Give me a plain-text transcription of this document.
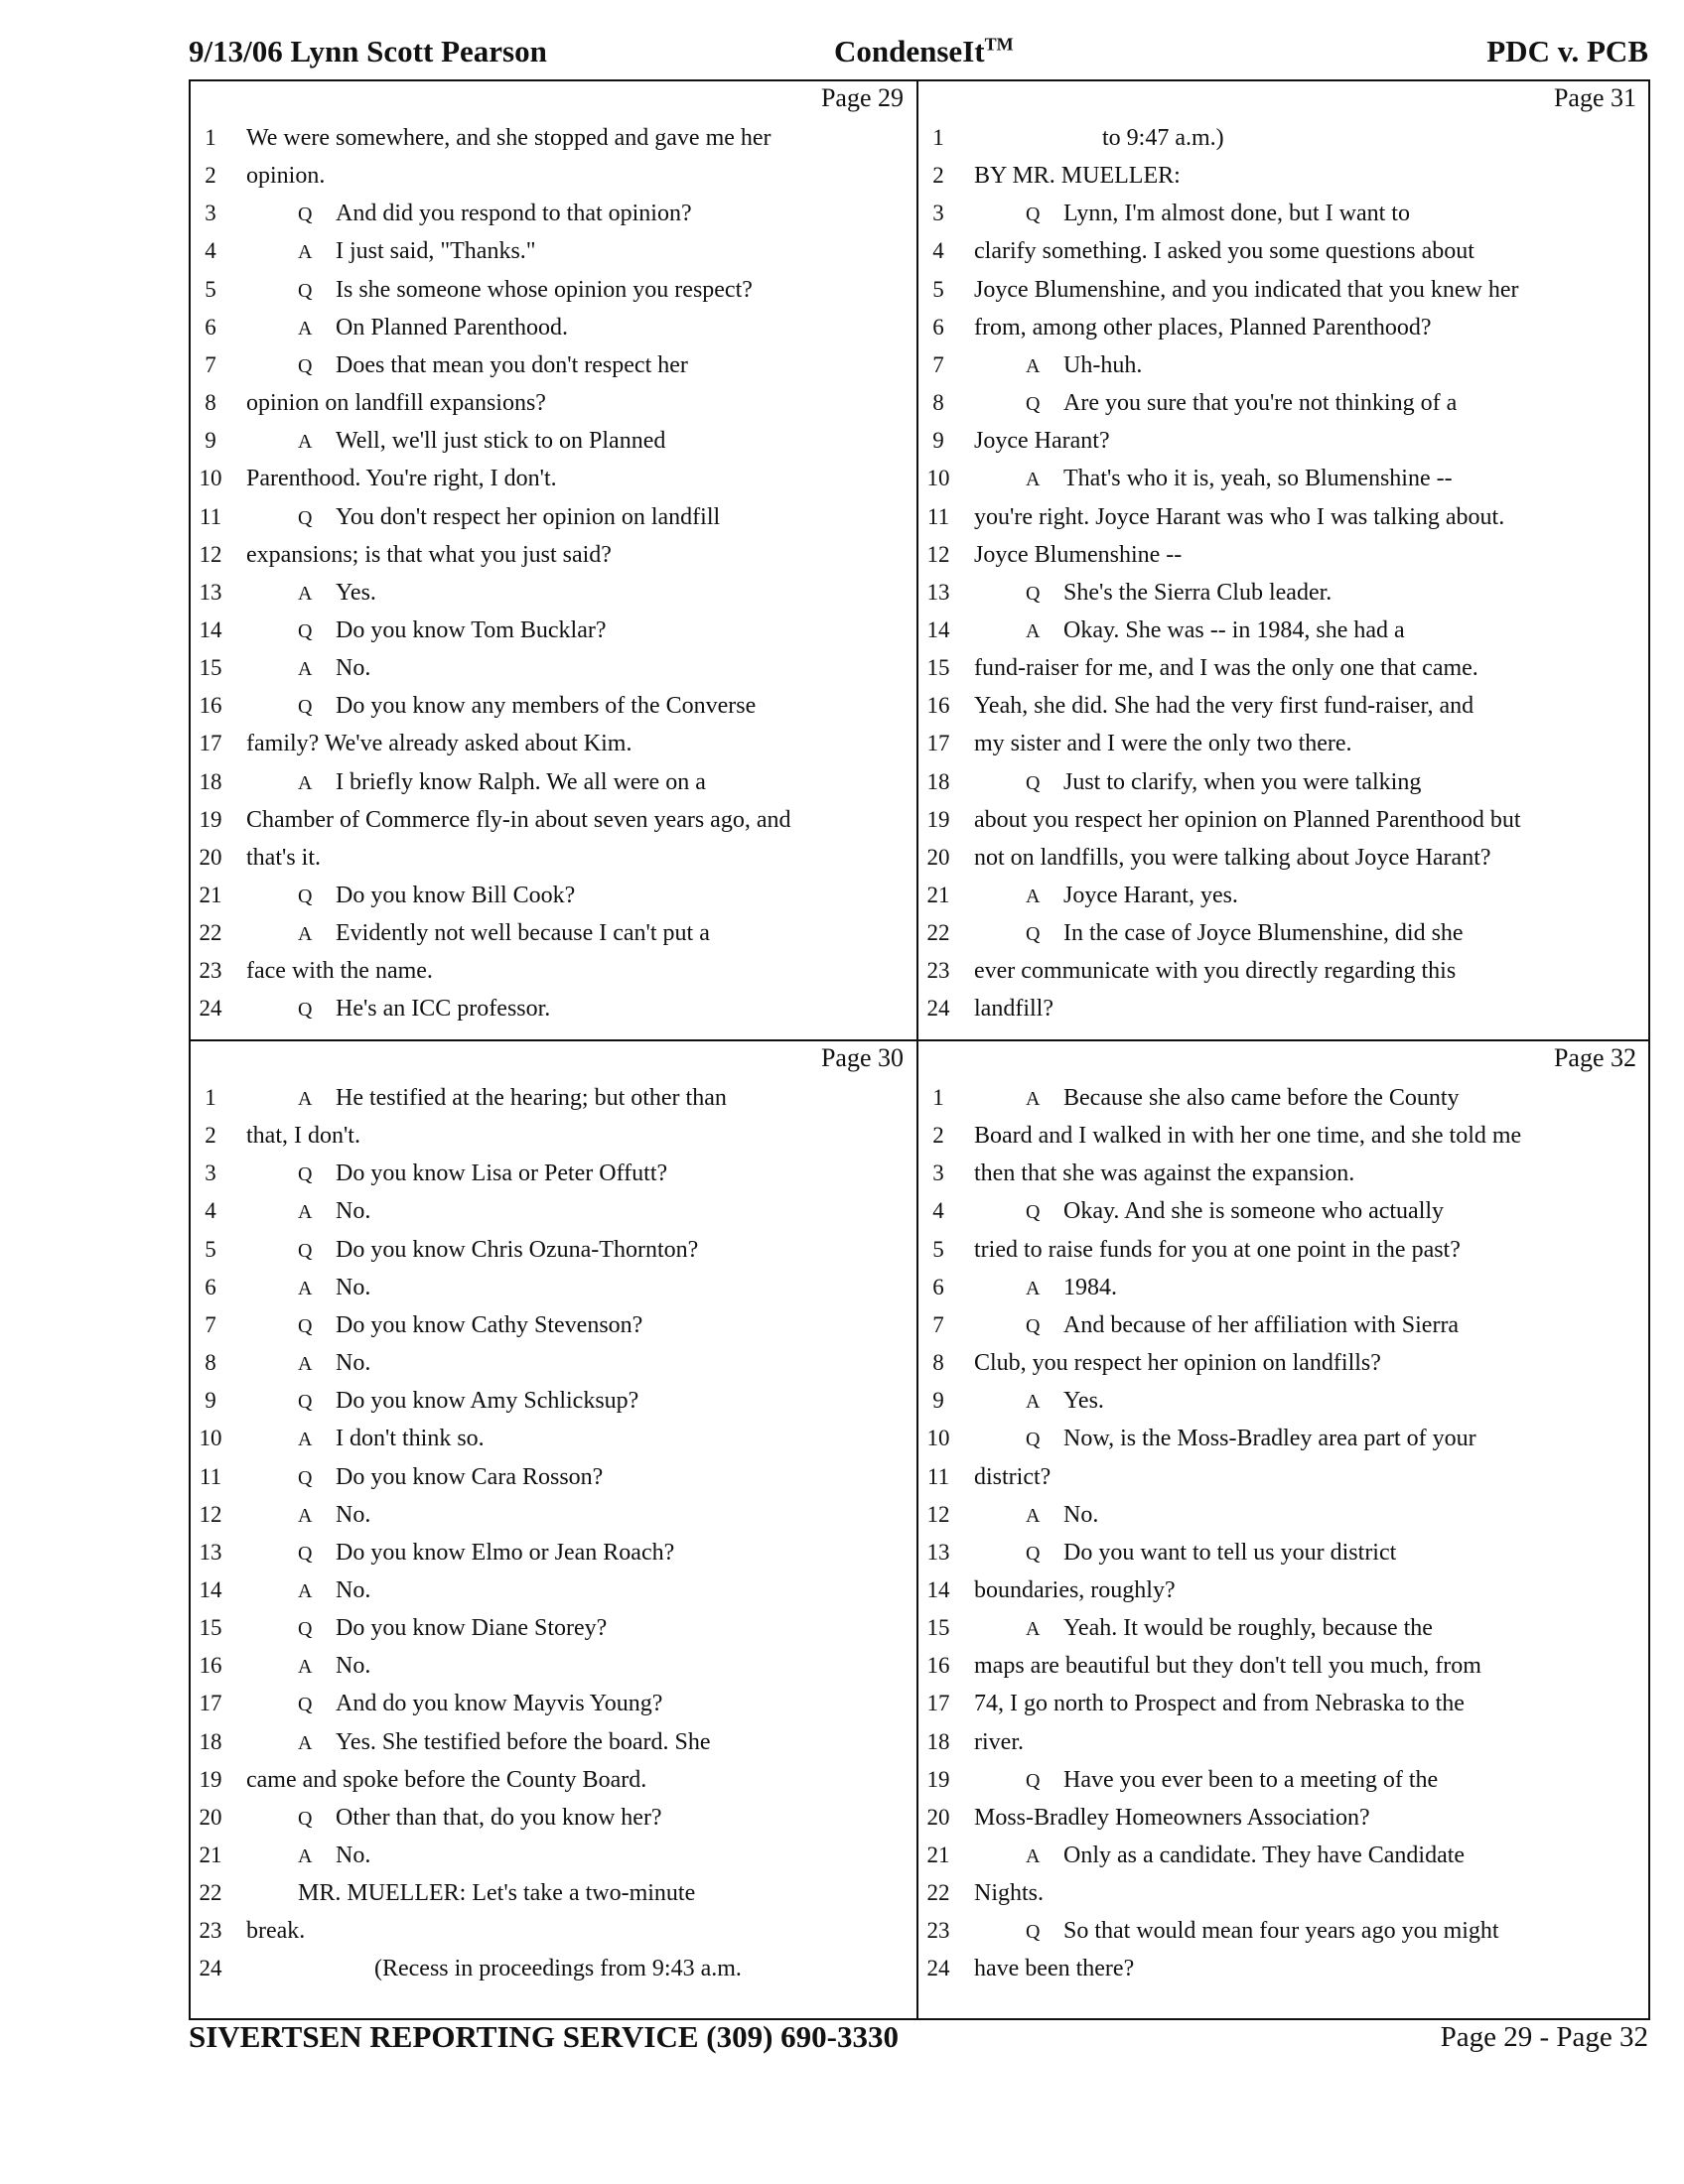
9/13/06 Lynn Scott Pearson	CondenseIt™	PDC v. PCB
Page 29
1	We were somewhere, and she stopped and gave me her
2	opinion.
3	Q And did you respond to that opinion?
4	A I just said, "Thanks."
5	Q Is she someone whose opinion you respect?
6	A On Planned Parenthood.
7	Q Does that mean you don't respect her
8	opinion on landfill expansions?
9	A Well, we'll just stick to on Planned
10	Parenthood. You're right, I don't.
11	Q You don't respect her opinion on landfill
12	expansions; is that what you just said?
13	A Yes.
14	Q Do you know Tom Bucklar?
15	A No.
16	Q Do you know any members of the Converse
17	family? We've already asked about Kim.
18	A I briefly know Ralph. We all were on a
19	Chamber of Commerce fly-in about seven years ago, and
20	that's it.
21	Q Do you know Bill Cook?
22	A Evidently not well because I can't put a
23	face with the name.
24	Q He's an ICC professor.
Page 31
1	to 9:47 a.m.)
2	BY MR. MUELLER:
3	Q Lynn, I'm almost done, but I want to
4	clarify something. I asked you some questions about
5	Joyce Blumenshine, and you indicated that you knew her
6	from, among other places, Planned Parenthood?
7	A Uh-huh.
8	Q Are you sure that you're not thinking of a
9	Joyce Harant?
10	A That's who it is, yeah, so Blumenshine --
11	you're right. Joyce Harant was who I was talking about.
12	Joyce Blumenshine --
13	Q She's the Sierra Club leader.
14	A Okay. She was -- in 1984, she had a
15	fund-raiser for me, and I was the only one that came.
16	Yeah, she did. She had the very first fund-raiser, and
17	my sister and I were the only two there.
18	Q Just to clarify, when you were talking
19	about you respect her opinion on Planned Parenthood but
20	not on landfills, you were talking about Joyce Harant?
21	A Joyce Harant, yes.
22	Q In the case of Joyce Blumenshine, did she
23	ever communicate with you directly regarding this
24	landfill?
Page 30
1	A He testified at the hearing; but other than
2	that, I don't.
3	Q Do you know Lisa or Peter Offutt?
4	A No.
5	Q Do you know Chris Ozuna-Thornton?
6	A No.
7	Q Do you know Cathy Stevenson?
8	A No.
9	Q Do you know Amy Schlicksup?
10	A I don't think so.
11	Q Do you know Cara Rosson?
12	A No.
13	Q Do you know Elmo or Jean Roach?
14	A No.
15	Q Do you know Diane Storey?
16	A No.
17	Q And do you know Mayvis Young?
18	A Yes. She testified before the board. She
19	came and spoke before the County Board.
20	Q Other than that, do you know her?
21	A No.
22	MR. MUELLER: Let's take a two-minute
23	break.
24	(Recess in proceedings from 9:43 a.m.
Page 32
1	A Because she also came before the County
2	Board and I walked in with her one time, and she told me
3	then that she was against the expansion.
4	Q Okay. And she is someone who actually
5	tried to raise funds for you at one point in the past?
6	A 1984.
7	Q And because of her affiliation with Sierra
8	Club, you respect her opinion on landfills?
9	A Yes.
10	Q Now, is the Moss-Bradley area part of your
11	district?
12	A No.
13	Q Do you want to tell us your district
14	boundaries, roughly?
15	A Yeah. It would be roughly, because the
16	maps are beautiful but they don't tell you much, from
17	74, I go north to Prospect and from Nebraska to the
18	river.
19	Q Have you ever been to a meeting of the
20	Moss-Bradley Homeowners Association?
21	A Only as a candidate. They have Candidate
22	Nights.
23	Q So that would mean four years ago you might
24	have been there?
SIVERTSEN REPORTING SERVICE (309) 690-3330	Page 29 - Page 32
